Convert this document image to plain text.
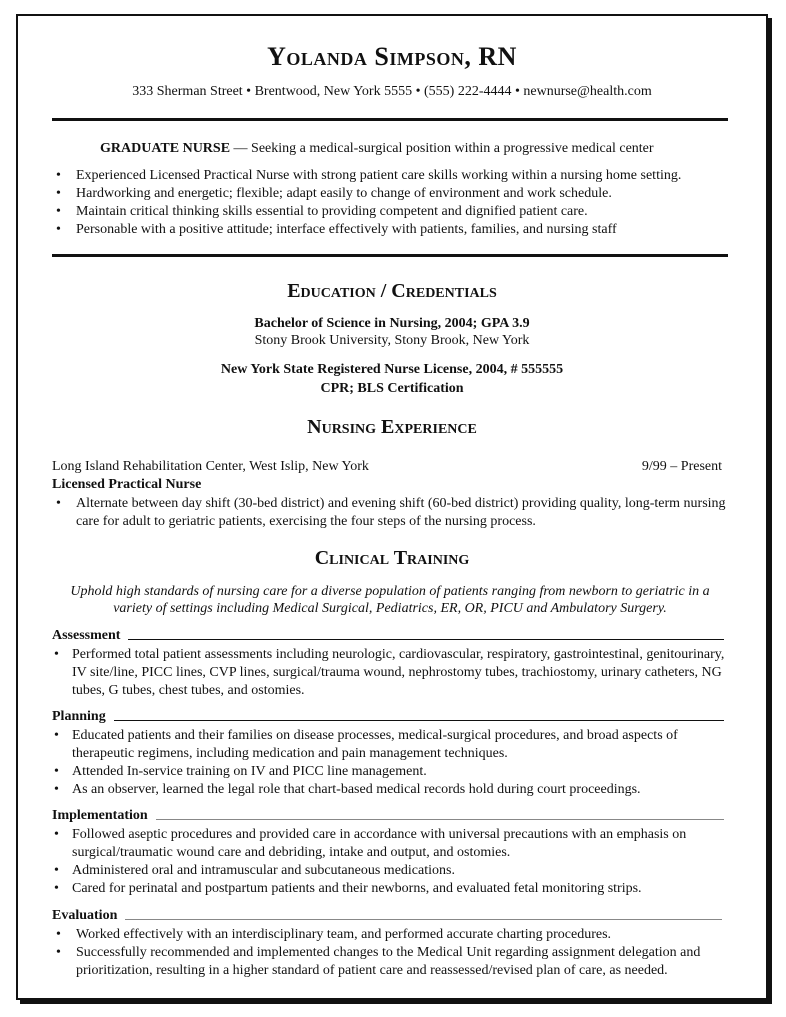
Yolanda Simpson, RN
333 Sherman Street • Brentwood, New York 5555 • (555) 222-4444 • newnurse@health.com
GRADUATE NURSE — Seeking a medical-surgical position within a progressive medical center
• Experienced Licensed Practical Nurse with strong patient care skills working within a nursing home setting.
• Hardworking and energetic; flexible; adapt easily to change of environment and work schedule.
• Maintain critical thinking skills essential to providing competent and dignified patient care.
• Personable with a positive attitude; interface effectively with patients, families, and nursing staff
Education / Credentials
Bachelor of Science in Nursing, 2004; GPA 3.9
Stony Brook University, Stony Brook, New York
New York State Registered Nurse License, 2004, # 555555
CPR; BLS Certification
Nursing Experience
Long Island Rehabilitation Center, West Islip, New York	9/99 – Present
Licensed Practical Nurse
• Alternate between day shift (30-bed district) and evening shift (60-bed district) providing quality, long-term nursing care for adult to geriatric patients, exercising the four steps of the nursing process.
Clinical Training
Uphold high standards of nursing care for a diverse population of patients ranging from newborn to geriatric in a variety of settings including Medical Surgical, Pediatrics, ER, OR, PICU and Ambulatory Surgery.
Assessment
• Performed total patient assessments including neurologic, cardiovascular, respiratory, gastrointestinal, genitourinary, IV site/line, PICC lines, CVP lines, surgical/trauma wound, nephrostomy tubes, trachiostomy, urinary catheters, NG tubes, G tubes, chest tubes, and ostomies.
Planning
• Educated patients and their families on disease processes, medical-surgical procedures, and broad aspects of therapeutic regimens, including medication and pain management techniques.
• Attended In-service training on IV and PICC line management.
• As an observer, learned the legal role that chart-based medical records hold during court proceedings.
Implementation
• Followed aseptic procedures and provided care in accordance with universal precautions with an emphasis on surgical/traumatic wound care and debriding, intake and output, and ostomies.
• Administered oral and intramuscular and subcutaneous medications.
• Cared for perinatal and postpartum patients and their newborns, and evaluated fetal monitoring strips.
Evaluation
• Worked effectively with an interdisciplinary team, and performed accurate charting procedures.
• Successfully recommended and implemented changes to the Medical Unit regarding assignment delegation and prioritization, resulting in a higher standard of patient care and reassessed/revised plan of care, as needed.
